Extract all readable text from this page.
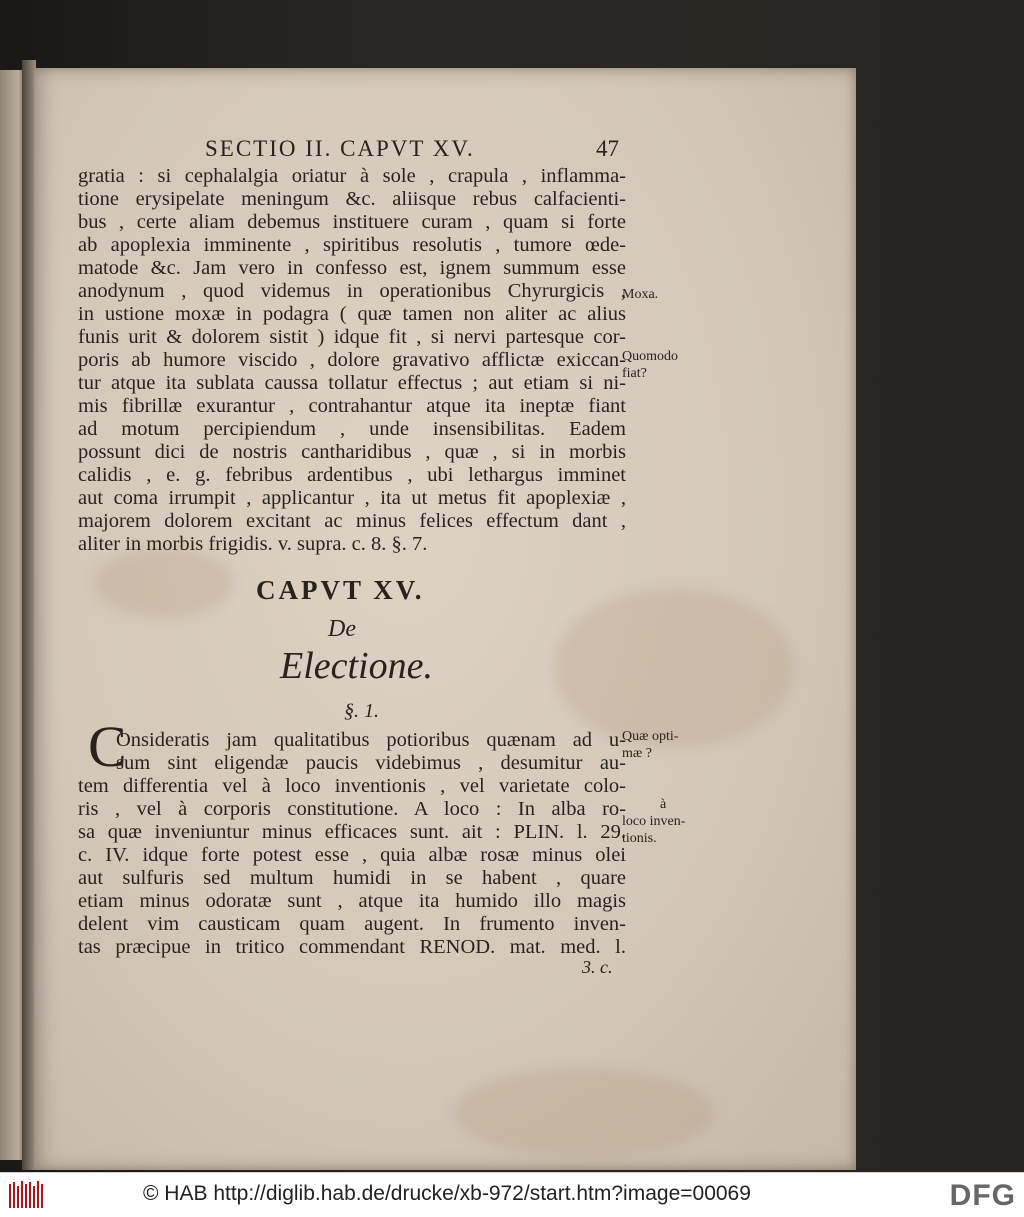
SECTIO II. CAPVT XV.	47
gratia : si cephalalgia oriatur à sole , crapula , inflamma-
tione erysipelate meningum &c. aliisque rebus calfacienti-
bus , certe aliam debemus instituere curam , quam si forte
ab apoplexia imminente , spiritibus resolutis , tumore œde-
matode &c. Jam vero in confesso est, ignem summum esse
anodynum , quod videmus in operationibus Chyrurgicis ,
in ustione moxæ in podagra ( quæ tamen non aliter ac alius
funis urit & dolorem sistit ) idque fit , si nervi partesque cor-
poris ab humore viscido , dolore gravativo afflictæ exiccan-
tur atque ita sublata caussa tollatur effectus ; aut etiam si ni-
mis fibrillæ exurantur , contrahantur atque ita ineptæ fiant
ad motum percipiendum , unde insensibilitas. Eadem
possunt dici de nostris cantharidibus , quæ , si in morbis
calidis , e. g. febribus ardentibus , ubi lethargus imminet
aut coma irrumpit , applicantur , ita ut metus fit apoplexiæ ,
majorem dolorem excitant ac minus felices effectum dant ,
aliter in morbis frigidis. v. supra. c. 8. §. 7.
CAPVT XV.
De
Electione.
§. 1.
C
Onsideratis jam qualitatibus potioribus quænam ad u-
sum sint eligendæ paucis videbimus , desumitur au-
tem differentia vel à loco inventionis , vel varietate colo-
ris , vel à corporis constitutione. A loco : In alba ro-
sa quæ inveniuntur minus efficaces sunt. ait : PLIN. l. 29.
c. IV. idque forte potest esse , quia albæ rosæ minus olei
aut sulfuris sed multum humidi in se habent , quare
etiam minus odoratæ sunt , atque ita humido illo magis
delent vim causticam quam augent. In frumento inven-
tas præcipue in tritico commendant RENOD. mat. med. l.
3. c.
Moxa.
Quomodo
fiat?
Quæ opti-
mæ ?
à
loco inven-
tionis.
© HAB http://diglib.hab.de/drucke/xb-972/start.htm?image=00069	DFG
